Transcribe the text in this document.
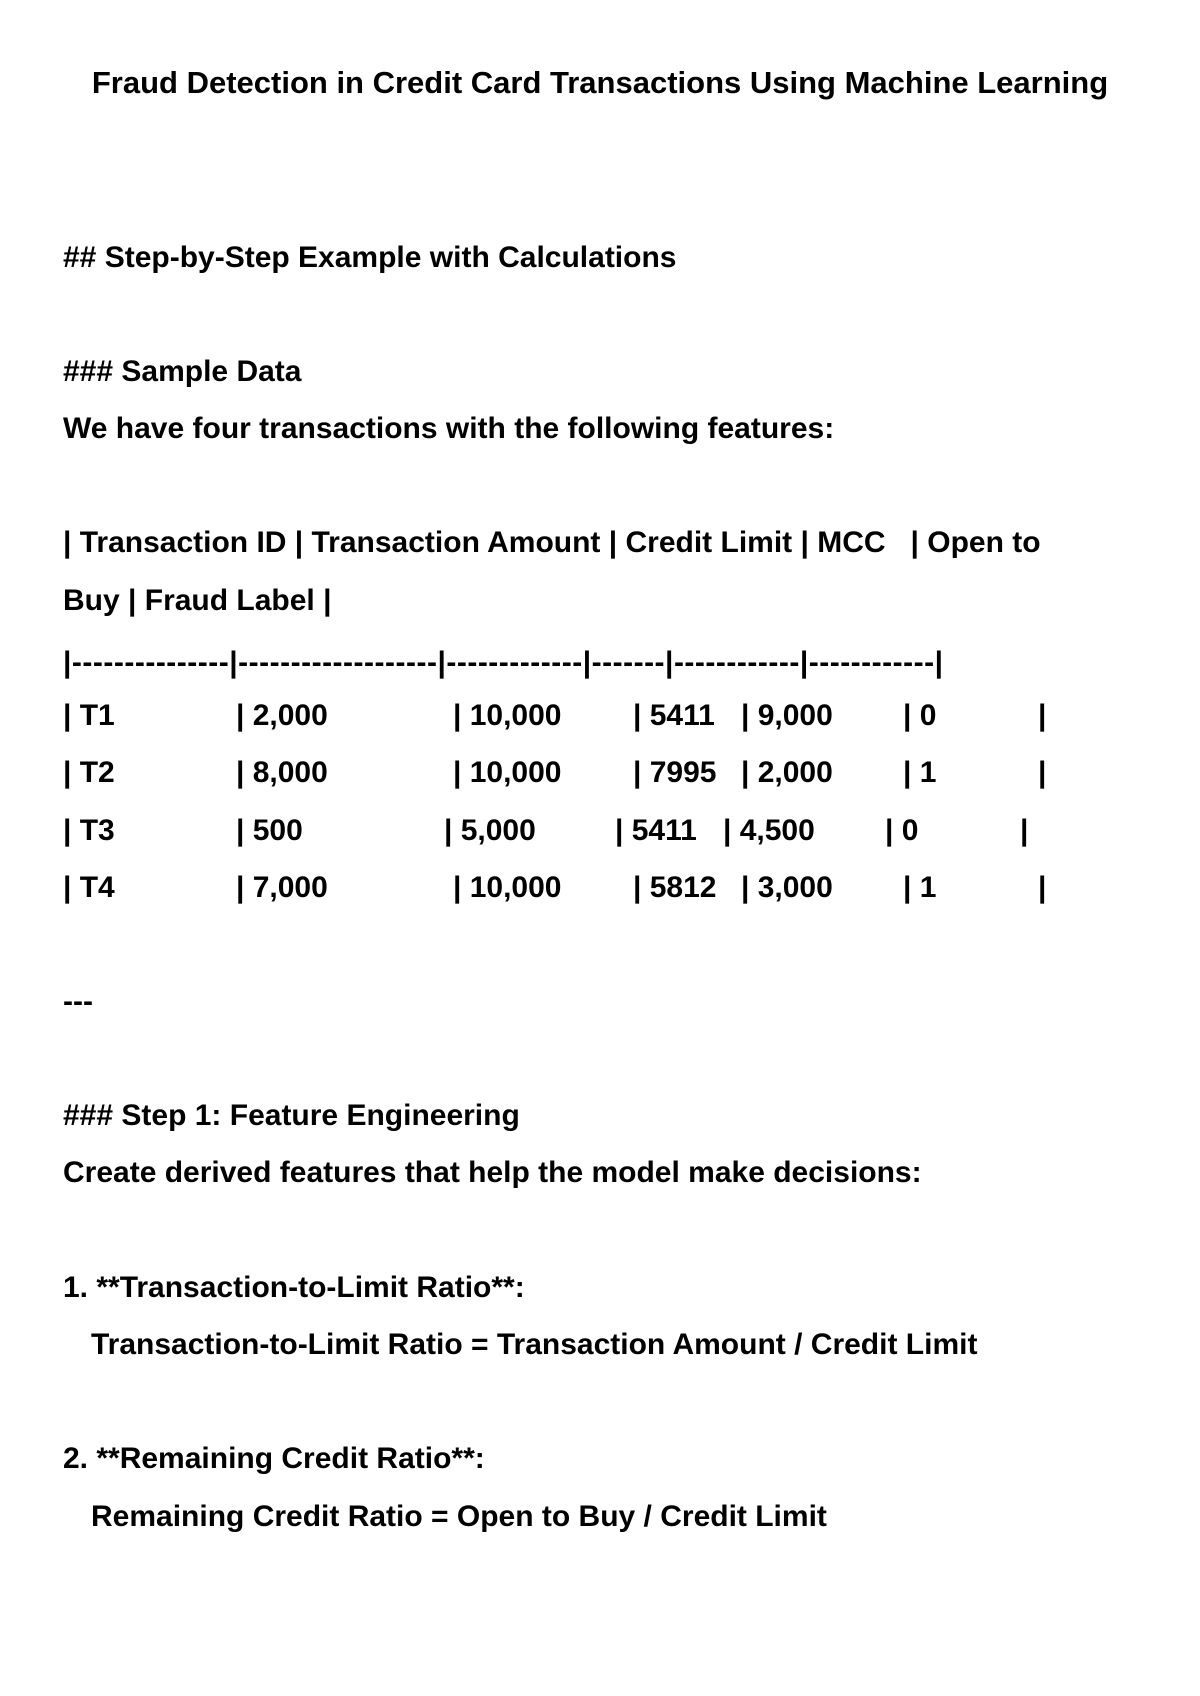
Fraud Detection in Credit Card Transactions Using Machine Learning
## Step-by-Step Example with Calculations
### Sample Data
We have four transactions with the following features:
| Transaction ID | Transaction Amount | Credit Limit | MCC   | Open to
Buy | Fraud Label |
|---------------|-------------------|-------------|-------|------------|------------|
| T1	| 2,000	| 10,000 | 5411 | 9,000 | 0	|
| T2	| 8,000	| 10,000 | 7995 | 2,000 | 1	|
| T3	| 500	| 5,000	| 5411 | 4,500 | 0	|
| T4	| 7,000	| 10,000 | 5812 | 3,000 | 1	|
---
### Step 1: Feature Engineering
Create derived features that help the model make decisions:
1. **Transaction-to-Limit Ratio**:
Transaction-to-Limit Ratio = Transaction Amount / Credit Limit
2. **Remaining Credit Ratio**:
Remaining Credit Ratio = Open to Buy / Credit Limit
